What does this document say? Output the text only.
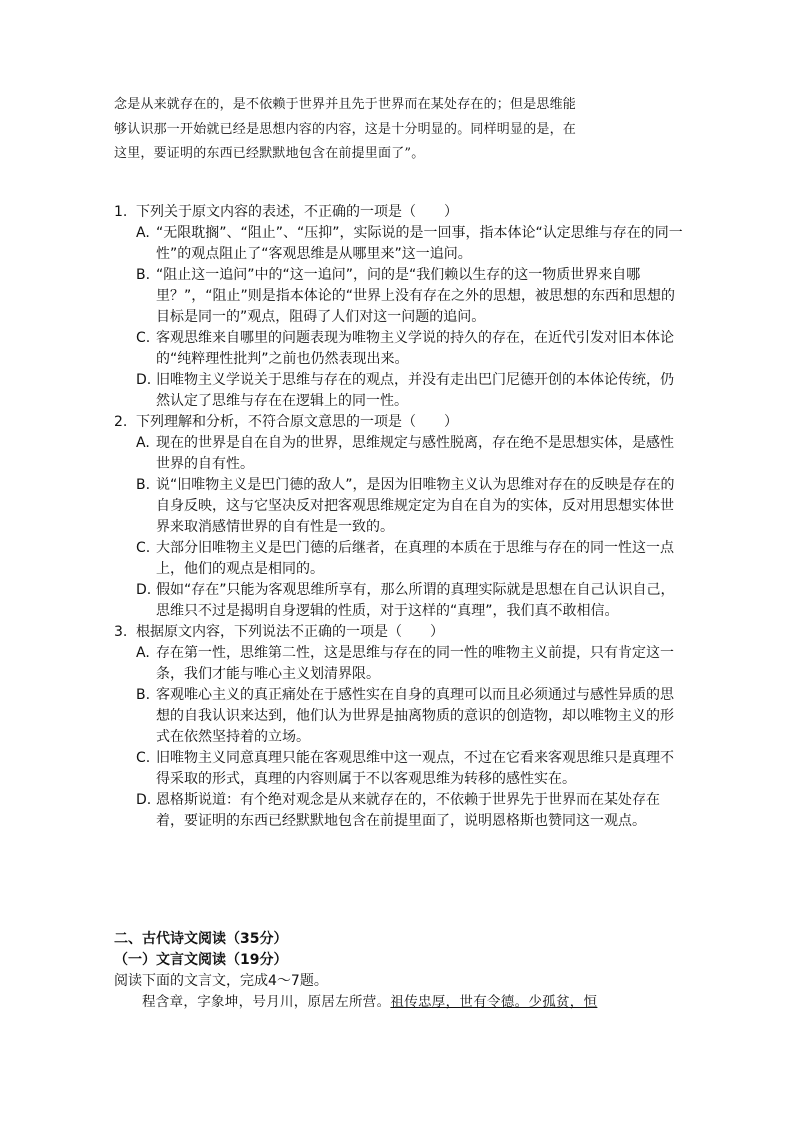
念是从来就存在的，是不依赖于世界并且先于世界而在某处存在的；但是思维能

够认识那一开始就已经是思想内容的内容，这是十分明显的。同样明显的是，在

这里，要证明的东西已经默默地包含在前提里面了”。

1. 下列关于原文内容的表述，不正确的一项是（　　）
A. “无限耽搁”、“阻止”、“压抑”，实际说的是一回事，指本体论“认定思维与存在的同一性”的观点阻止了“客观思维是从哪里来”这一追问。
B. “阻止这一追问”中的“这一追问”，问的是“我们赖以生存的这一物质世界来自哪里？”，“阻止”则是指本体论的“世界上没有存在之外的思想，被思想的东西和思想的目标是同一的”观点，阻碍了人们对这一问题的追问。
C. 客观思维来自哪里的问题表现为唯物主义学说的持久的存在，在近代引发对旧本体论的“纯粹理性批判”之前也仍然表现出来。
D. 旧唯物主义学说关于思维与存在的观点，并没有走出巴门尼德开创的本体论传统，仍然认定了思维与存在在逻辑上的同一性。
2. 下列理解和分析，不符合原文意思的一项是（　　）
A. 现在的世界是自在自为的世界，思维规定与感性脱离，存在绝不是思想实体，是感性世界的自有性。
B. 说“旧唯物主义是巴门德的敌人”，是因为旧唯物主义认为思维对存在的反映是存在的自身反映，这与它坚决反对把客观思维规定定为自在自为的实体，反对用思想实体世界来取消感情世界的自有性是一致的。
C. 大部分旧唯物主义是巴门德的后继者，在真理的本质在于思维与存在的同一性这一点上，他们的观点是相同的。
D. 假如“存在”只能为客观思维所享有，那么所谓的真理实际就是思想在自己认识自己，思维只不过是揭明自身逻辑的性质，对于这样的“真理”，我们真不敢相信。
3. 根据原文内容，下列说法不正确的一项是（　　）
A. 存在第一性，思维第二性，这是思维与存在的同一性的唯物主义前提，只有肯定这一条，我们才能与唯心主义划清界限。
B. 客观唯心主义的真正痛处在于感性实在自身的真理可以而且必须通过与感性异质的思想的自我认识来达到，他们认为世界是抽离物质的意识的创造物，却以唯物主义的形式在依然坚持着的立场。
C. 旧唯物主义同意真理只能在客观思维中这一观点，不过在它看来客观思维只是真理不得采取的形式，真理的内容则属于不以客观思维为转移的感性实在。
D. 恩格斯说道：有个绝对观念是从来就存在的，不依赖于世界先于世界而在某处存在着，要证明的东西已经默默地包含在前提里面了，说明恩格斯也赞同这一观点。

二、古代诗文阅读（35分）

（一）文言文阅读（19分）

阅读下面的文言文，完成4～7题。

程含章，字象坤，号月川，原居左所营。祖传忠厚，世有令德。少孤贫，恒
